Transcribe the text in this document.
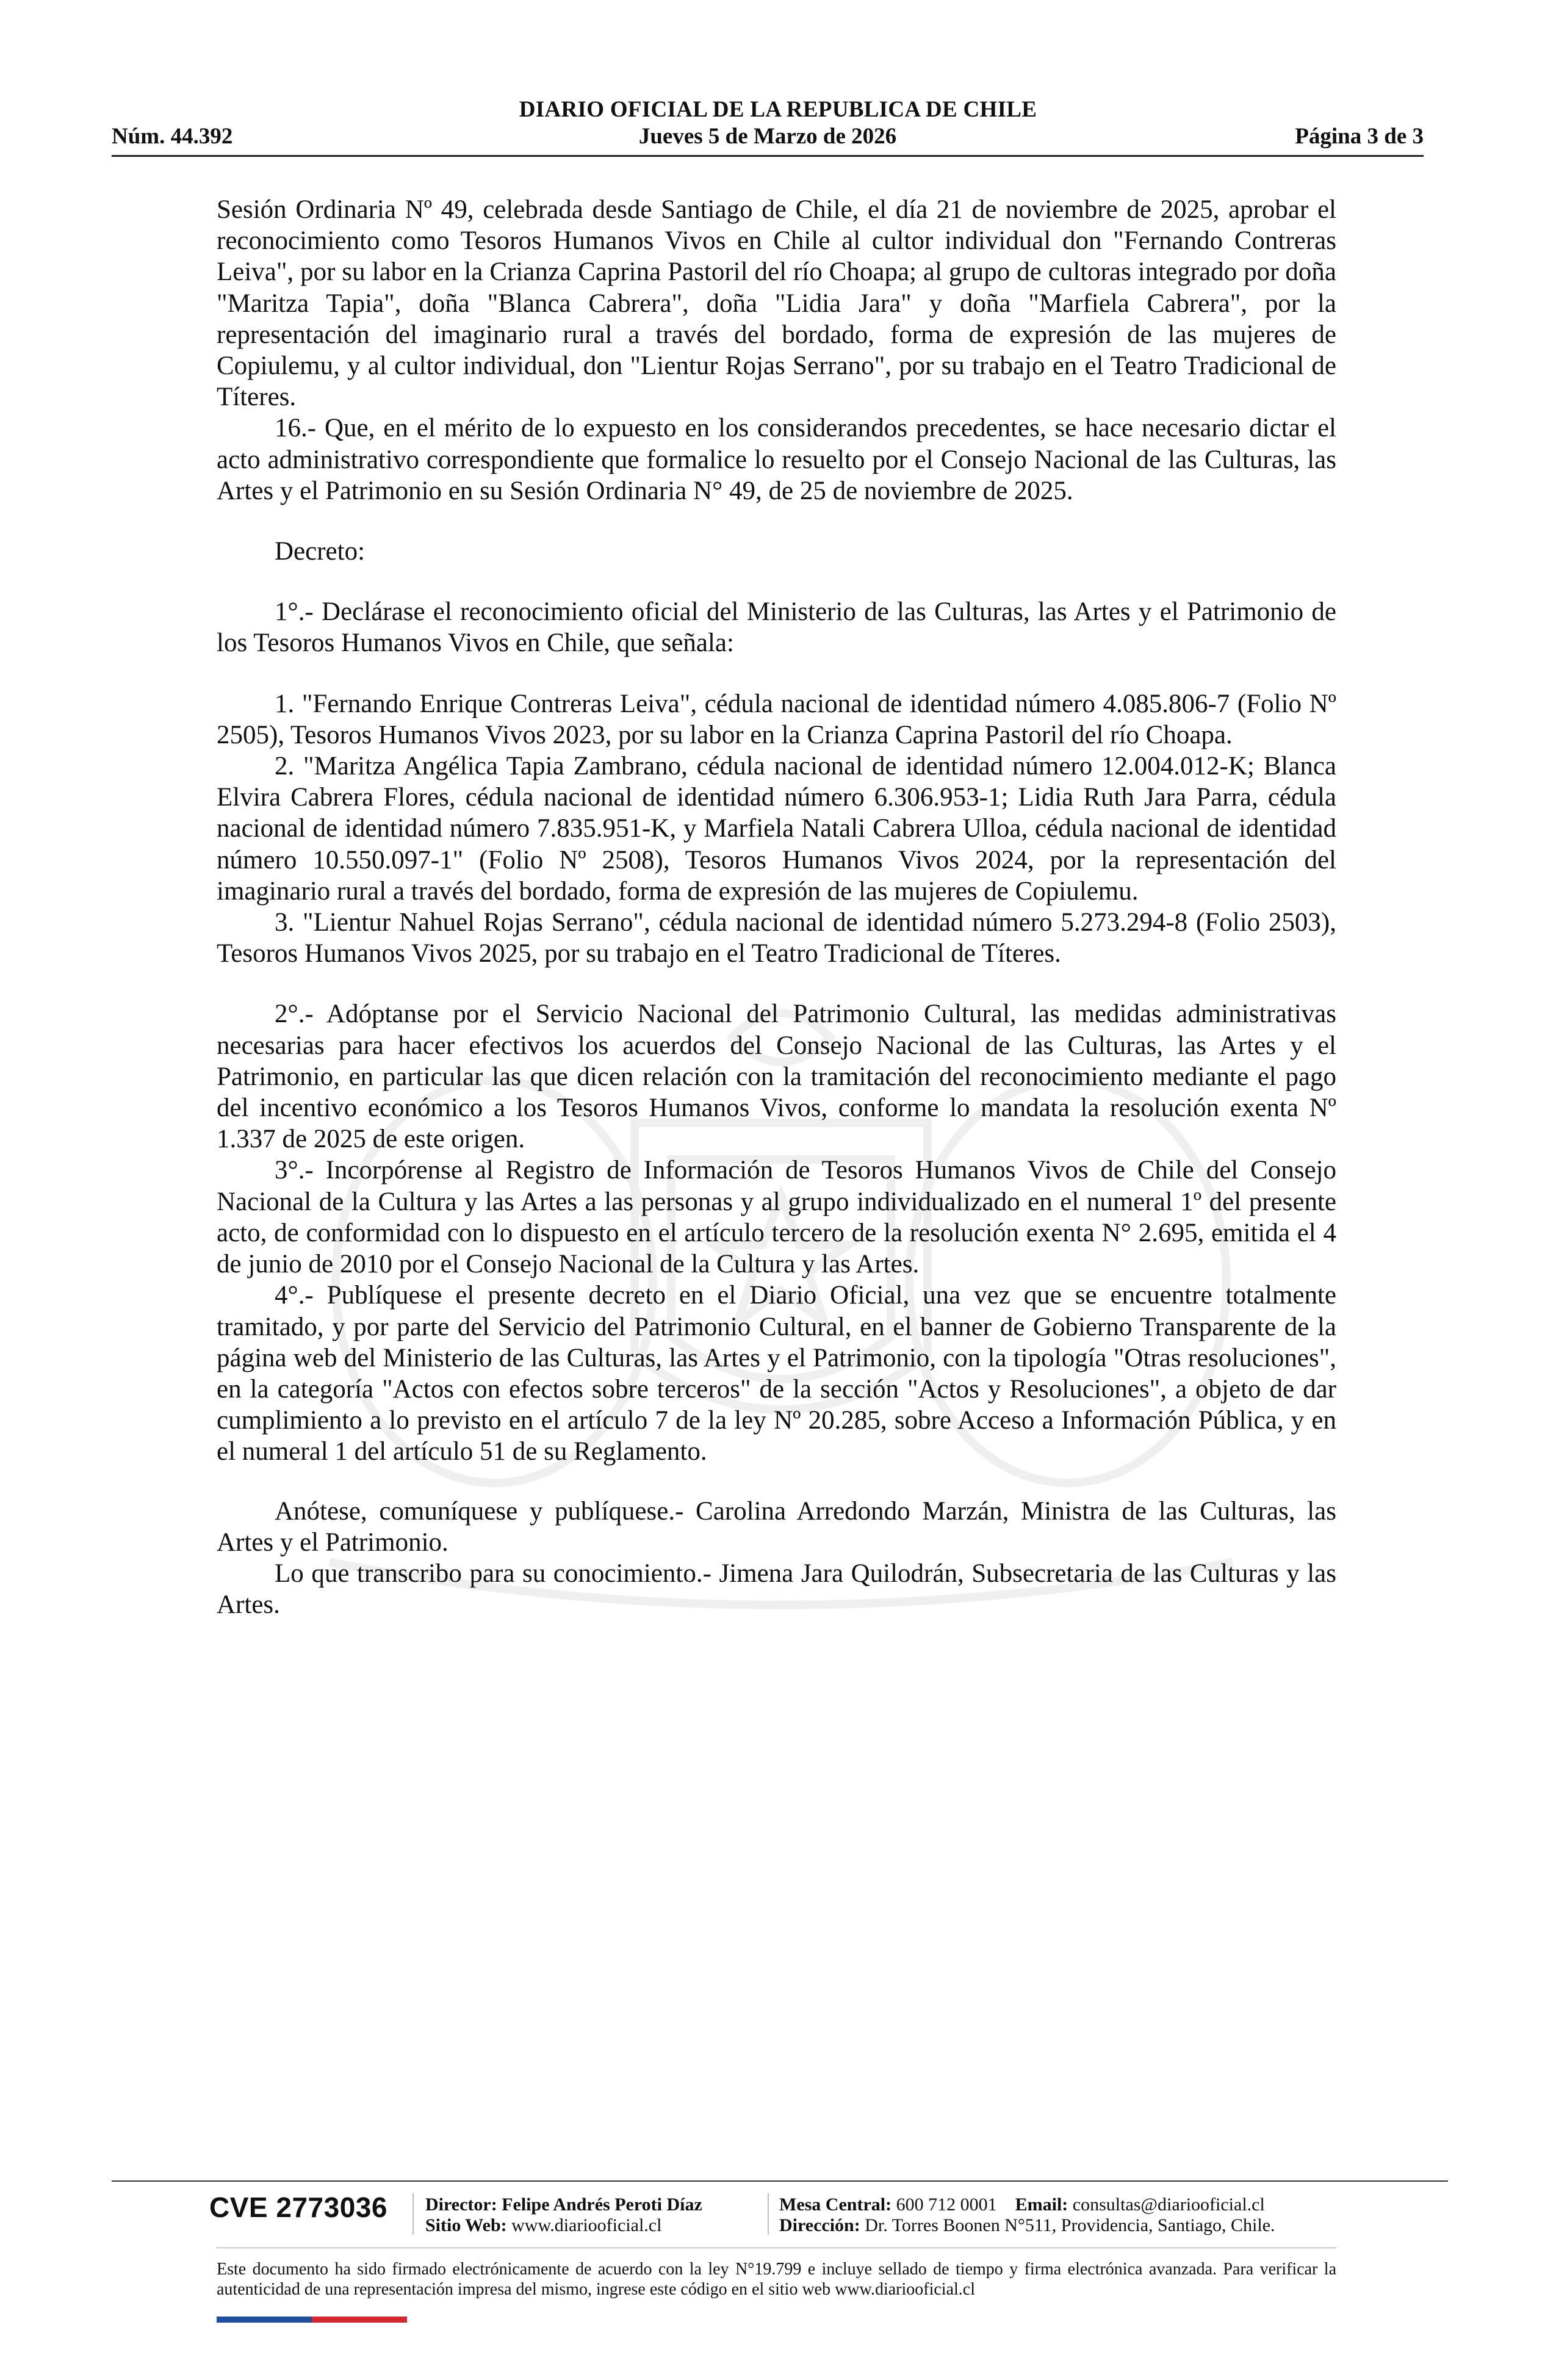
DIARIO OFICIAL DE LA REPUBLICA DE CHILE
Núm. 44.392	Jueves 5 de Marzo de 2026	Página 3 de 3

Sesión Ordinaria Nº 49, celebrada desde Santiago de Chile, el día 21 de noviembre de 2025, aprobar el reconocimiento como Tesoros Humanos Vivos en Chile al cultor individual don "Fernando Contreras Leiva", por su labor en la Crianza Caprina Pastoril del río Choapa; al grupo de cultoras integrado por doña "Maritza Tapia", doña "Blanca Cabrera", doña "Lidia Jara" y doña "Marfiela Cabrera", por la representación del imaginario rural a través del bordado, forma de expresión de las mujeres de Copiulemu, y al cultor individual, don "Lientur Rojas Serrano", por su trabajo en el Teatro Tradicional de Títeres.

16.- Que, en el mérito de lo expuesto en los considerandos precedentes, se hace necesario dictar el acto administrativo correspondiente que formalice lo resuelto por el Consejo Nacional de las Culturas, las Artes y el Patrimonio en su Sesión Ordinaria N° 49, de 25 de noviembre de 2025.

Decreto:

1°.- Declárase el reconocimiento oficial del Ministerio de las Culturas, las Artes y el Patrimonio de los Tesoros Humanos Vivos en Chile, que señala:

1. "Fernando Enrique Contreras Leiva", cédula nacional de identidad número 4.085.806-7 (Folio Nº 2505), Tesoros Humanos Vivos 2023, por su labor en la Crianza Caprina Pastoril del río Choapa.

2. "Maritza Angélica Tapia Zambrano, cédula nacional de identidad número 12.004.012-K; Blanca Elvira Cabrera Flores, cédula nacional de identidad número 6.306.953-1; Lidia Ruth Jara Parra, cédula nacional de identidad número 7.835.951-K, y Marfiela Natali Cabrera Ulloa, cédula nacional de identidad número 10.550.097-1" (Folio Nº 2508), Tesoros Humanos Vivos 2024, por la representación del imaginario rural a través del bordado, forma de expresión de las mujeres de Copiulemu.

3. "Lientur Nahuel Rojas Serrano", cédula nacional de identidad número 5.273.294-8 (Folio 2503), Tesoros Humanos Vivos 2025, por su trabajo en el Teatro Tradicional de Títeres.

2°.- Adóptanse por el Servicio Nacional del Patrimonio Cultural, las medidas administrativas necesarias para hacer efectivos los acuerdos del Consejo Nacional de las Culturas, las Artes y el Patrimonio, en particular las que dicen relación con la tramitación del reconocimiento mediante el pago del incentivo económico a los Tesoros Humanos Vivos, conforme lo mandata la resolución exenta Nº 1.337 de 2025 de este origen.

3°.- Incorpórense al Registro de Información de Tesoros Humanos Vivos de Chile del Consejo Nacional de la Cultura y las Artes a las personas y al grupo individualizado en el numeral 1º del presente acto, de conformidad con lo dispuesto en el artículo tercero de la resolución exenta N° 2.695, emitida el 4 de junio de 2010 por el Consejo Nacional de la Cultura y las Artes.

4°.- Publíquese el presente decreto en el Diario Oficial, una vez que se encuentre totalmente tramitado, y por parte del Servicio del Patrimonio Cultural, en el banner de Gobierno Transparente de la página web del Ministerio de las Culturas, las Artes y el Patrimonio, con la tipología "Otras resoluciones", en la categoría "Actos con efectos sobre terceros" de la sección "Actos y Resoluciones", a objeto de dar cumplimiento a lo previsto en el artículo 7 de la ley Nº 20.285, sobre Acceso a Información Pública, y en el numeral 1 del artículo 51 de su Reglamento.

Anótese, comuníquese y publíquese.- Carolina Arredondo Marzán, Ministra de las Culturas, las Artes y el Patrimonio.

Lo que transcribo para su conocimiento.- Jimena Jara Quilodrán, Subsecretaria de las Culturas y las Artes.

CVE 2773036 Director: Felipe Andrés Peroti Díaz
Sitio Web: www.diariooficial.cl
Mesa Central: 600 712 0001 Email: consultas@diariooficial.cl
Dirección: Dr. Torres Boonen N°511, Providencia, Santiago, Chile.
Este documento ha sido firmado electrónicamente de acuerdo con la ley N°19.799 e incluye sellado de tiempo y firma electrónica avanzada. Para verificar la autenticidad de una representación impresa del mismo, ingrese este código en el sitio web www.diariooficial.cl
